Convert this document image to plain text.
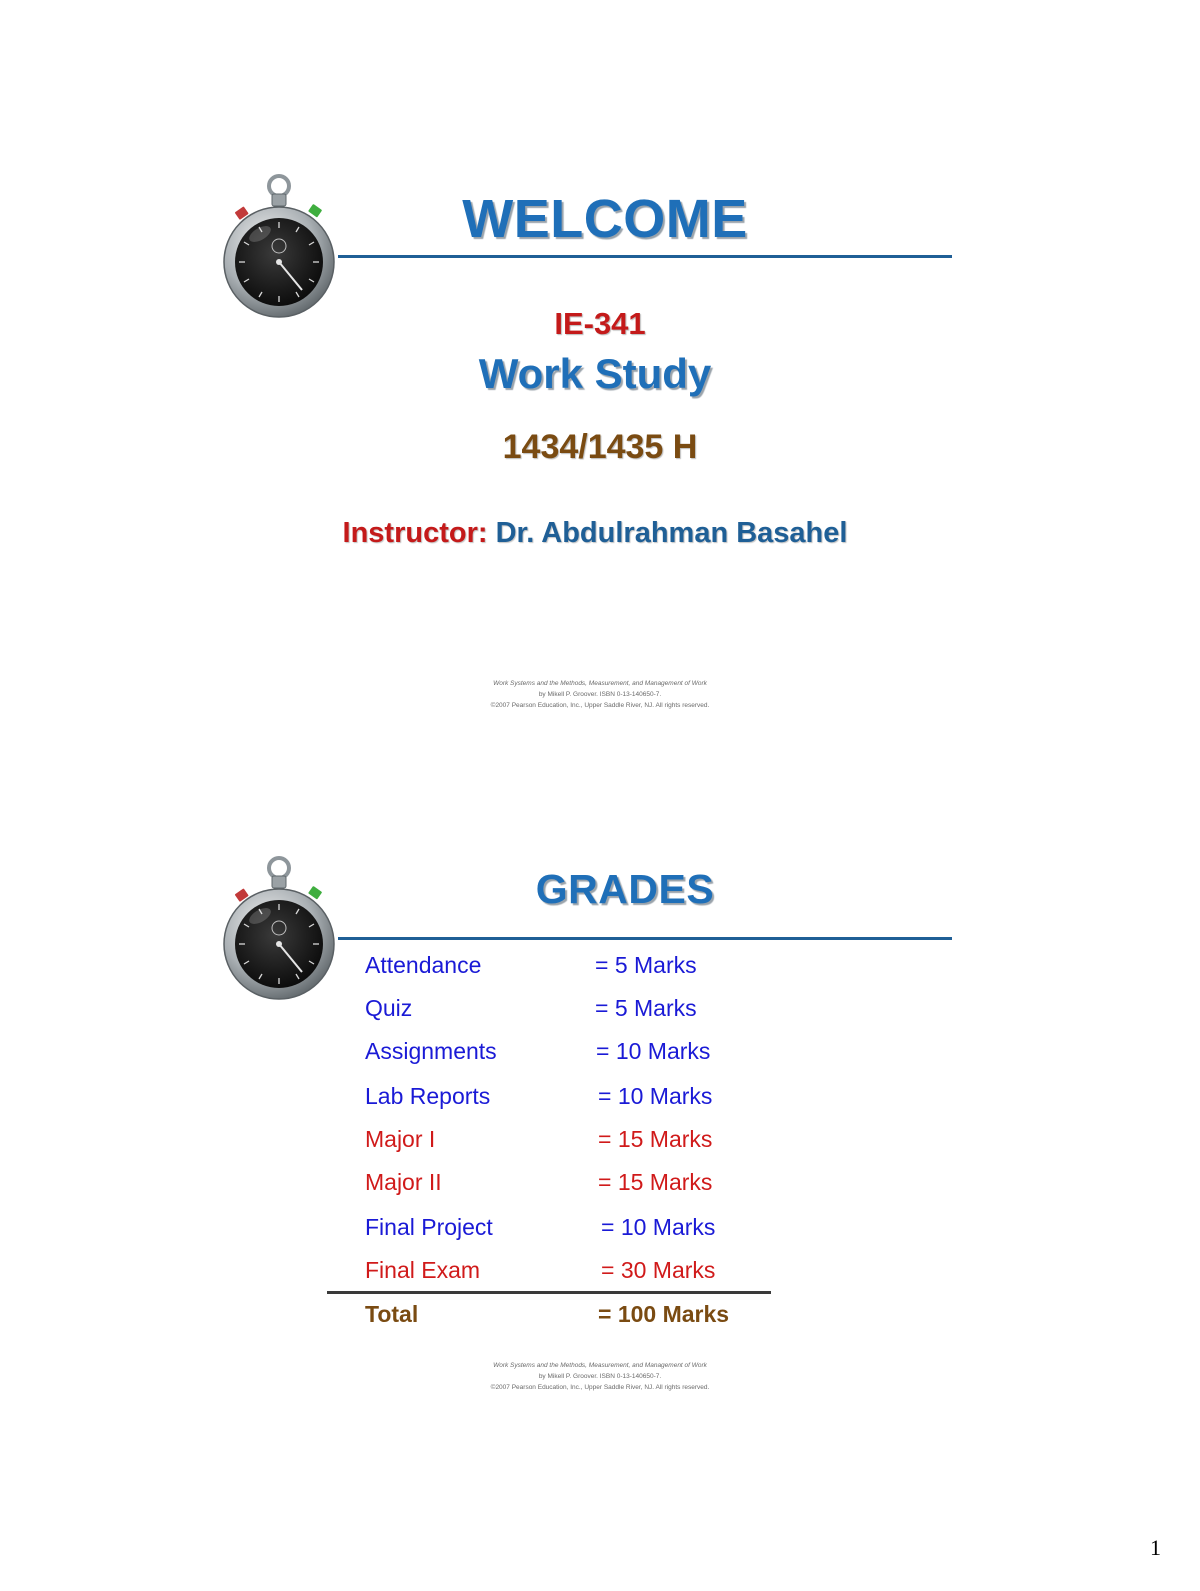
WELCOME
IE-341
Work Study
1434/1435 H
Instructor: Dr. Abdulrahman Basahel
Work Systems and the Methods, Measurement, and Management of Work
by Mikell P. Groover. ISBN 0-13-140650-7.
©2007 Pearson Education, Inc., Upper Saddle River, NJ. All rights reserved.
GRADES
Attendance	= 5 Marks
Quiz	= 5 Marks
Assignments	= 10 Marks
Lab Reports	= 10 Marks
Major I	= 15 Marks
Major II	= 15 Marks
Final Project	= 10 Marks
Final Exam	= 30 Marks
Total	= 100 Marks
Work Systems and the Methods, Measurement, and Management of Work
by Mikell P. Groover. ISBN 0-13-140650-7.
©2007 Pearson Education, Inc., Upper Saddle River, NJ. All rights reserved.
1
